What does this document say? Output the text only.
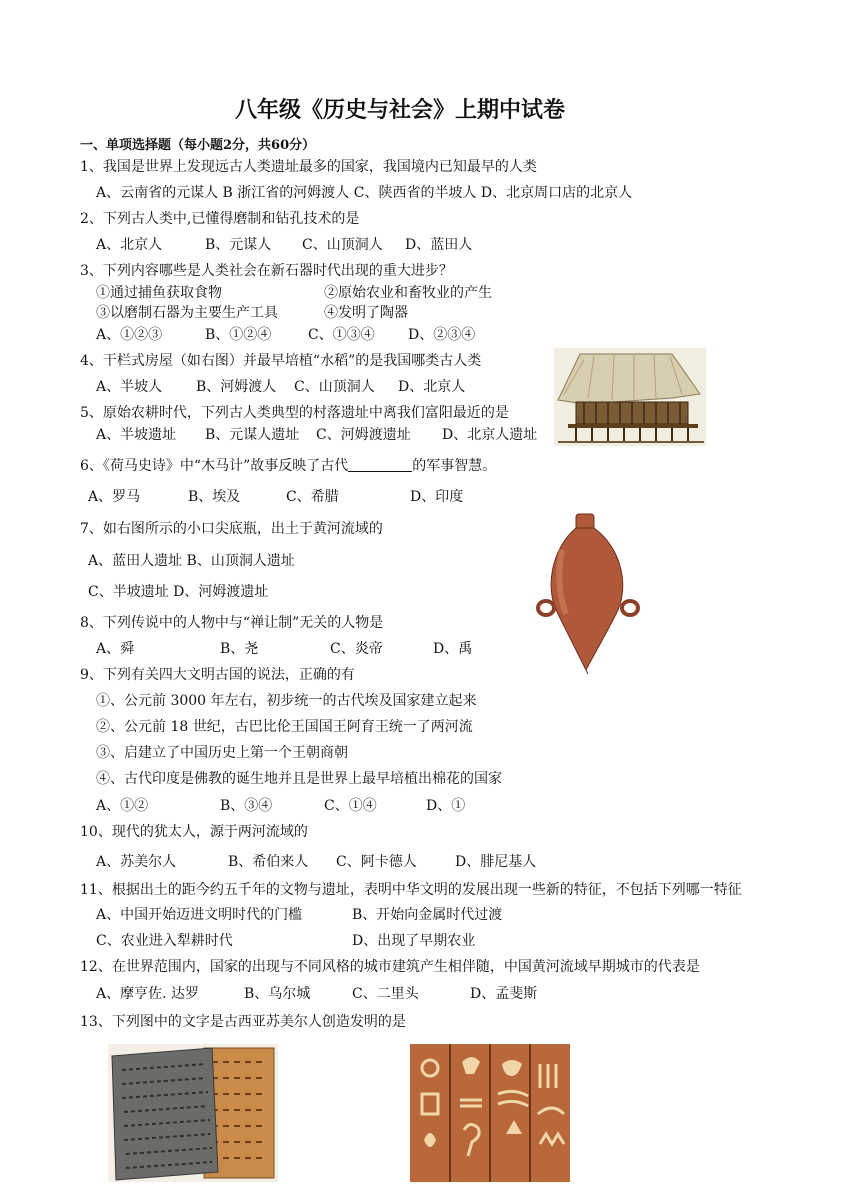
八年级《历史与社会》上期中试卷
一、单项选择题（每小题2分，共60分）
1、我国是世界上发现远古人类遗址最多的国家，我国境内已知最早的人类
A、云南省的元谋人 B 浙江省的河姆渡人 C、陕西省的半坡人 D、北京周口店的北京人
2、下列古人类中,已懂得磨制和钻孔技术的是
A、北京人	B、元谋人 C、山顶洞人 D、蓝田人
3、下列内容哪些是人类社会在新石器时代出现的重大进步？
①通过捕鱼获取食物	②原始农业和畜牧业的产生
③以磨制石器为主要生产工具	④发明了陶器
A、①②③	B、①②④	C、①③④ D、②③④
4、干栏式房屋（如右图）并最早培植“水稻”的是我国哪类古人类
A、半坡人 B、河姆渡人 C、山顶洞人 D、北京人
5、原始农耕时代，下列古人类典型的村落遗址中离我们富阳最近的是
A、半坡遗址 B、元谋人遗址 C、河姆渡遗址 D、北京人遗址
6、《荷马史诗》中“木马计”故事反映了古代	的军事智慧。
A、罗马	B、埃及	C、希腊	D、印度
7、如右图所示的小口尖底瓶，出土于黄河流域的
A、蓝田人遗址 B、山顶洞人遗址
C、半坡遗址 D、河姆渡遗址
8、下列传说中的人物中与“禅让制”无关的人物是
A、舜	B、尧	C、炎帝	D、禹
9、下列有关四大文明古国的说法，正确的有
①、公元前 3000 年左右，初步统一的古代埃及国家建立起来
②、公元前 18 世纪，古巴比伦王国国王阿育王统一了两河流
③、启建立了中国历史上第一个王朝商朝
④、古代印度是佛教的诞生地并且是世界上最早培植出棉花的国家
A、①②	B、③④	C、①④	D、①
10、现代的犹太人，源于两河流域的
A、苏美尔人	B、希伯来人 C、阿卡德人	D、腓尼基人
11、根据出土的距今约五千年的文物与遗址，表明中华文明的发展出现一些新的特征，不包括下列哪一特征
A、中国开始迈进文明时代的门槛	B、开始向金属时代过渡
C、农业进入犁耕时代	D、出现了早期农业
12、在世界范围内，国家的出现与不同风格的城市建筑产生相伴随，中国黄河流域早期城市的代表是
A、摩亨佐. 达罗	B、乌尔城	C、二里头	D、孟斐斯
13、下列图中的文字是古西亚苏美尔人创造发明的是
